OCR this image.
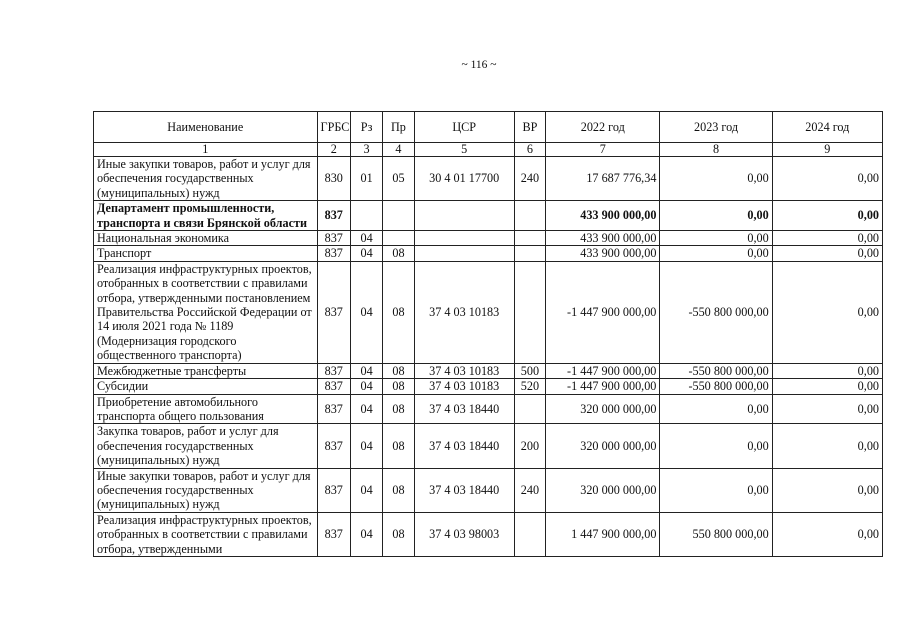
~ 116 ~
Наименование	ГРБС	Рз	Пр	ЦСР	ВР	2022 год	2023 год	2024 год
1	2	3	4	5	6	7	8	9
Иные закупки товаров, работ и услуг для обеспечения государственных (муниципальных) нужд	830	01	05	30 4 01 17700	240	17 687 776,34	0,00	0,00
Департамент промышленности, транспорта и связи Брянской области	837					433 900 000,00	0,00	0,00
Национальная экономика	837	04				433 900 000,00	0,00	0,00
Транспорт	837	04	08			433 900 000,00	0,00	0,00
Реализация инфраструктурных проектов, отобранных в соответствии с правилами отбора, утвержденными постановлением Правительства Российской Федерации от 14 июля 2021 года № 1189 (Модернизация городского общественного транспорта)	837	04	08	37 4 03 10183		-1 447 900 000,00	-550 800 000,00	0,00
Межбюджетные трансферты	837	04	08	37 4 03 10183	500	-1 447 900 000,00	-550 800 000,00	0,00
Субсидии	837	04	08	37 4 03 10183	520	-1 447 900 000,00	-550 800 000,00	0,00
Приобретение автомобильного транспорта общего пользования	837	04	08	37 4 03 18440		320 000 000,00	0,00	0,00
Закупка товаров, работ и услуг для обеспечения государственных (муниципальных) нужд	837	04	08	37 4 03 18440	200	320 000 000,00	0,00	0,00
Иные закупки товаров, работ и услуг для обеспечения государственных (муниципальных) нужд	837	04	08	37 4 03 18440	240	320 000 000,00	0,00	0,00
Реализация инфраструктурных проектов, отобранных в соответствии с правилами отбора, утвержденными	837	04	08	37 4 03 98003		1 447 900 000,00	550 800 000,00	0,00
